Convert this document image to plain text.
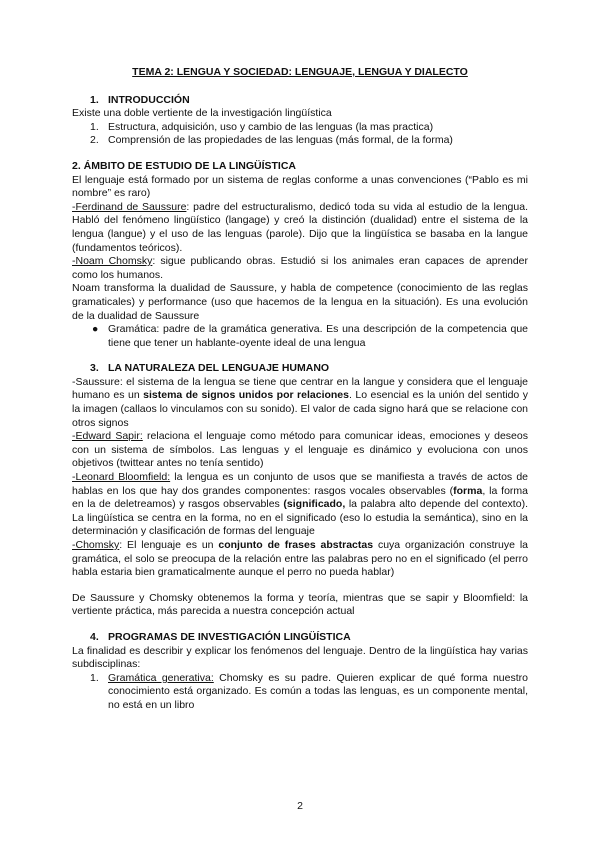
TEMA 2: LENGUA Y SOCIEDAD: LENGUAJE, LENGUA Y DIALECTO

1. INTRODUCCIÓN

Existe una doble vertiente de la investigación lingüística

1. Estructura, adquisición, uso y cambio de las lenguas (la mas practica)
2. Comprensión de las propiedades de las lenguas (más formal, de la forma)

2. ÁMBITO DE ESTUDIO DE LA LINGÜÍSTICA

El lenguaje está formado por un sistema de reglas conforme a unas convenciones (“Pablo es mi nombre” es raro)

-Ferdinand de Saussure: padre del estructuralismo, dedicó toda su vida al estudio de la lengua. Habló del fenómeno lingüístico (langage) y creó la distinción (dualidad) entre el sistema de la lengua (langue) y el uso de las lenguas (parole). Dijo que la lingüística se basaba en la langue (fundamentos teóricos).

-Noam Chomsky: sigue publicando obras. Estudió si los animales eran capaces de aprender como los humanos.

Noam transforma la dualidad de Saussure, y habla de competence (conocimiento de las reglas gramaticales) y performance (uso que hacemos de la lengua en la situación). Es una evolución de la dualidad de Saussure

● Gramática: padre de la gramática generativa. Es una descripción de la competencia que tiene que tener un hablante-oyente ideal de una lengua

3. LA NATURALEZA DEL LENGUAJE HUMANO

-Saussure: el sistema de la lengua se tiene que centrar en la langue y considera que el lenguaje humano es un sistema de signos unidos por relaciones. Lo esencial es la unión del sentido y la imagen (callaos lo vinculamos con su sonido). El valor de cada signo hará que se relacione con otros signos

-Edward Sapir: relaciona el lenguaje como método para comunicar ideas, emociones y deseos con un sistema de símbolos. Las lenguas y el lenguaje es dinámico y evoluciona con unos objetivos (twittear antes no tenía sentido)

-Leonard Bloomfield: la lengua es un conjunto de usos que se manifiesta a través de actos de hablas en los que hay dos grandes componentes: rasgos vocales observables (forma, la forma en la de deletreamos) y rasgos observables (significado, la palabra alto depende del contexto). La lingüística se centra en la forma, no en el significado (eso lo estudia la semántica), sino en la determinación y clasificación de formas del lenguaje

-Chomsky: El lenguaje es un conjunto de frases abstractas cuya organización construye la gramática, el solo se preocupa de la relación entre las palabras pero no en el significado (el perro habla estaria bien gramaticalmente aunque el perro no pueda hablar)

De Saussure y Chomsky obtenemos la forma y teoría, mientras que se sapir y Bloomfield: la vertiente práctica, más parecida a nuestra concepción actual

4. PROGRAMAS DE INVESTIGACIÓN LINGÜÍSTICA

La finalidad es describir y explicar los fenómenos del lenguaje. Dentro de la lingüística hay varias subdisciplinas:

1. Gramática generativa: Chomsky es su padre. Quieren explicar de qué forma nuestro conocimiento está organizado. Es común a todas las lenguas, es un componente mental, no está en un libro
2
